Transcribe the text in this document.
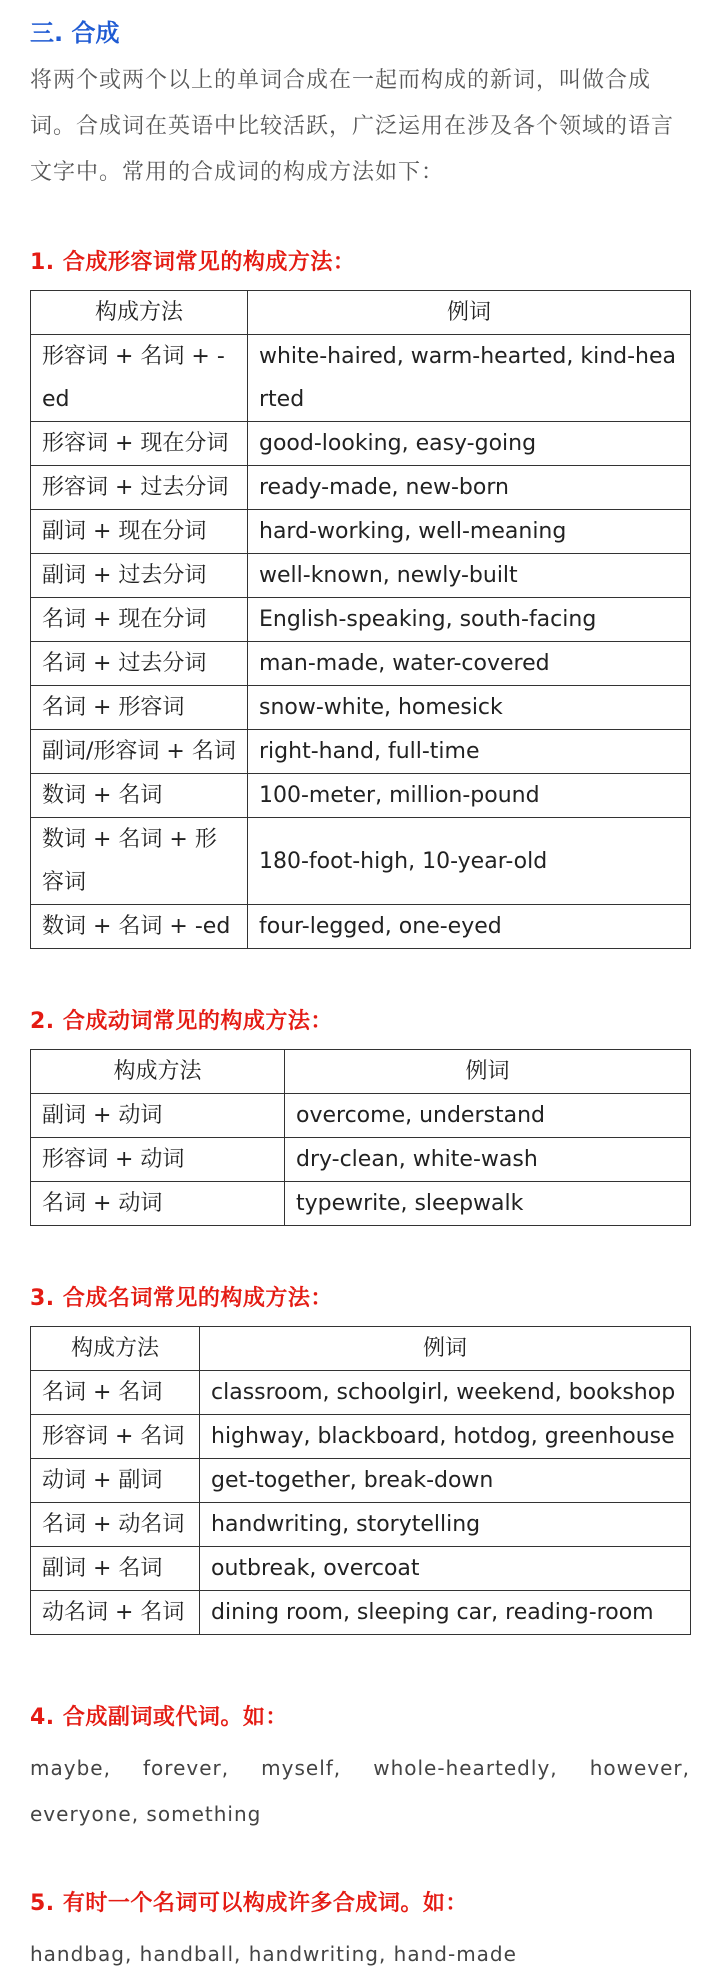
三. 合成

将两个或两个以上的单词合成在一起而构成的新词，叫做合成词。合成词在英语中比较活跃，广泛运用在涉及各个领域的语言文字中。常用的合成词的构成方法如下：

1. 合成形容词常见的构成方法：
构成方法	例词
形容词 + 名词 + -ed	white-haired, warm-hearted, kind-hearted
形容词 + 现在分词	good-looking, easy-going
形容词 + 过去分词	ready-made, new-born
副词 + 现在分词	hard-working, well-meaning
副词 + 过去分词	well-known, newly-built
名词 + 现在分词	English-speaking, south-facing
名词 + 过去分词	man-made, water-covered
名词 + 形容词	snow-white, homesick
副词/形容词 + 名词	right-hand, full-time
数词 + 名词	100-meter, million-pound
数词 + 名词 + 形容词	180-foot-high, 10-year-old
数词 + 名词 + -ed	four-legged, one-eyed
2. 合成动词常见的构成方法：
构成方法	例词
副词 + 动词	overcome, understand
形容词 + 动词	dry-clean, white-wash
名词 + 动词	typewrite, sleepwalk
3. 合成名词常见的构成方法：
构成方法	例词
名词 + 名词	classroom, schoolgirl, weekend, bookshop
形容词 + 名词	highway, blackboard, hotdog, greenhouse
动词 + 副词	get-together, break-down
名词 + 动名词	handwriting, storytelling
副词 + 名词	outbreak, overcoat
动名词 + 名词	dining room, sleeping car, reading-room
4. 合成副词或代词。如：

maybe, forever, myself, whole-heartedly, however, everyone, something

5. 有时一个名词可以构成许多合成词。如：

handbag, handball, handwriting, hand-made
